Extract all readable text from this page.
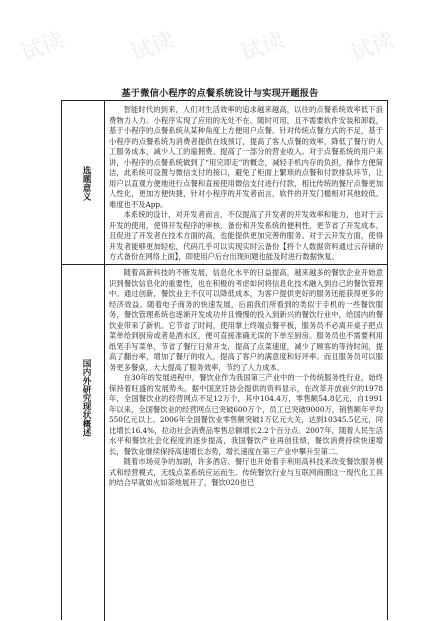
试读	试读	试读	试读
基于微信小程序的点餐系统设计与实现开题报告
选题意义

智能时代的到来，人们对生活效率的追求越来越高，以往的点餐系统效率低下浪费物力人力。小程序实现了应用的无处不在、随时可用，且不需要软件安装和卸载，基于小程序的点餐系统从某种角度上方便用户点餐。针对传统点餐方式的不足，基于小程序的点餐系统为消费者提供在线预订，提高了客人点餐的效率，降低了餐厅的人工服务成本，减少人工的雇佣费、提高了一部分的营业收入。对于点餐系统的用户来讲，小程序的点餐系统做到了“用完即走”的概念，减轻手机内存的负担，操作方便简洁，此系统可设置与微信支付的接口，避免了柜面上繁琐的点餐和付款排队环节，让用户以直观方便地进行点餐和直接使用微信支付进行付款，相比传统的餐厅点餐更加人性化，更加方便快捷，针对小程序的开发者而言，软件的开发门槛相对其他较低、难度也不及App。

本系统的设计，对开发者而言，不仅提高了开发者的开发效率和能力，也对于云开发的使用，使得开发程序的审核、备份和开发系统的便利性，更节省了开发成本，且促进了开发者在技术方面的高，也能提供更加完善的服务。对于云开发方面，使得开发者能够更加轻松，代码几乎可以实现实时云备份【将个人数据资料通过云存储的方式备份在网络上面】，即使用户后台出现问题也能及时进行数据恢复。

国内外研究现状概述

随着高新科技的不断发展，信息化水平的日益提高，越来越多的餐饮企业开始意识到餐饮信息化的重要性，也在积极的考虑如何将信息化技术融入到自己的餐饮管理中。通过创新，餐饮业主不仅可以降低成本，为客户提供更好的服务还能获得更多的经济效益。随着电子商务的快速发展，后面我们所看到的类似于手机的一些餐饮服务，餐饮管理系统也逐渐开发成功并且慢慢的投入到新兴的餐饮行业中，给国内的餐饮业带来了新机。它节省了时间，使用掌上终端点餐平板，服务员不必离开桌子把点菜单给到厨房或者是酒水区，便可直接准确无误的下单至厨房。服务员也不需要利用纸笔手写菜单，节省了餐厅日常开支，提高了点菜速度，减少了顾客的等待时间，提高了翻台率，增加了餐厅的收入，提高了客户的满意度和好评率。而且服务员可以服务更多餐桌，大大提高了服务效率，节约了人力成本。

在30年的发展进程中，餐饮业作为我国第三产业中的一个传统服务性行业，始终保持着旺盛的发展势头。据中国烹饪协会提供的资料显示，在改革开放前夕的1978年，全国餐饮业的经营网点不足12万个，其中104.4万，零售额54.8亿元，自1991年以来，全国餐饮业的经营网点已突破600万个，员工已突破9000万，销售额年平均550亿元以上。2006年全国餐饮业零售额突破1万亿元大关，达到10345.5亿元，同比增长16.4%，拉动社会消费品零售总额增长2.2个百分点。2007年，随着人民生活水平和餐饮社会化程度的逐步提高，我国餐饮产业再创佳绩，餐饮消费持续快速增长，餐饮业继续保持高速增长态势，增长速度在第三产业中攀升至第二。

随着市场竞争的加剧，许多酒店、餐厅也开始着手利用高科技来改变餐饮服务模式和经营模式，无线点菜系统应运而生。传统餐饮行业与互联网商圈这一现代化工具的结合早就如火如荼地展开了，餐饮020也已
